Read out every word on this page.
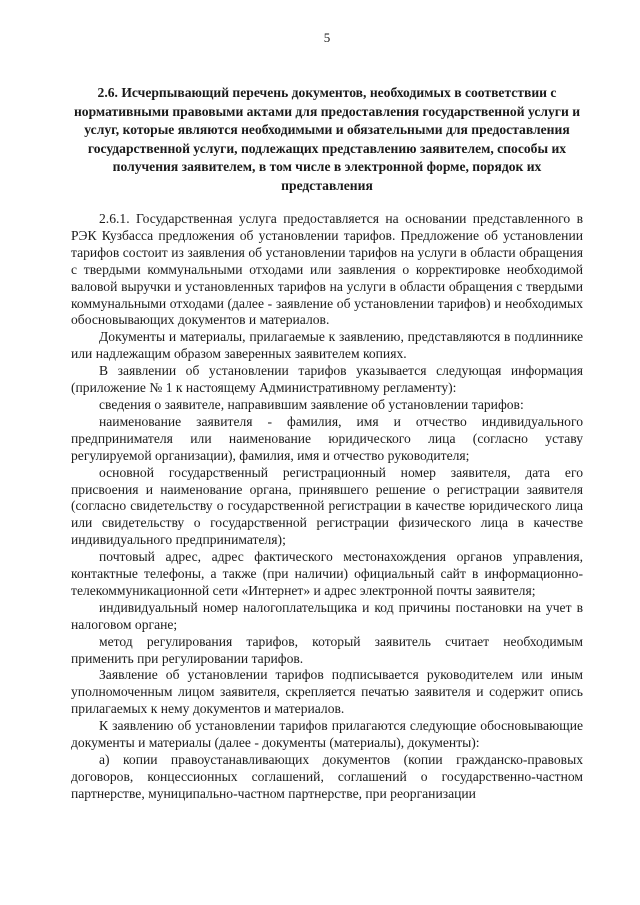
5
2.6. Исчерпывающий перечень документов, необходимых в соответствии с нормативными правовыми актами для предоставления государственной услуги и услуг, которые являются необходимыми и обязательными для предоставления государственной услуги, подлежащих представлению заявителем, способы их получения заявителем, в том числе в электронной форме, порядок их представления

2.6.1. Государственная услуга предоставляется на основании представленного в РЭК Кузбасса предложения об установлении тарифов. Предложение об установлении тарифов состоит из заявления об установлении тарифов на услуги в области обращения с твердыми коммунальными отходами или заявления о корректировке необходимой валовой выручки и установленных тарифов на услуги в области обращения с твердыми коммунальными отходами (далее - заявление об установлении тарифов) и необходимых обосновывающих документов и материалов.

Документы и материалы, прилагаемые к заявлению, представляются в подлиннике или надлежащим образом заверенных заявителем копиях.

В заявлении об установлении тарифов указывается следующая информация (приложение № 1 к настоящему Административному регламенту):

сведения о заявителе, направившим заявление об установлении тарифов:

наименование заявителя - фамилия, имя и отчество индивидуального предпринимателя или наименование юридического лица (согласно уставу регулируемой организации), фамилия, имя и отчество руководителя;

основной государственный регистрационный номер заявителя, дата его присвоения и наименование органа, принявшего решение о регистрации заявителя (согласно свидетельству о государственной регистрации в качестве юридического лица или свидетельству о государственной регистрации физического лица в качестве индивидуального предпринимателя);

почтовый адрес, адрес фактического местонахождения органов управления, контактные телефоны, а также (при наличии) официальный сайт в информационно-телекоммуникационной сети «Интернет» и адрес электронной почты заявителя;

индивидуальный номер налогоплательщика и код причины постановки на учет в налоговом органе;

метод регулирования тарифов, который заявитель считает необходимым применить при регулировании тарифов.

Заявление об установлении тарифов подписывается руководителем или иным уполномоченным лицом заявителя, скрепляется печатью заявителя и содержит опись прилагаемых к нему документов и материалов.

К заявлению об установлении тарифов прилагаются следующие обосновывающие документы и материалы (далее - документы (материалы), документы):

а) копии правоустанавливающих документов (копии гражданско-правовых договоров, концессионных соглашений, соглашений о государственно-частном партнерстве, муниципально-частном партнерстве, при реорганизации
